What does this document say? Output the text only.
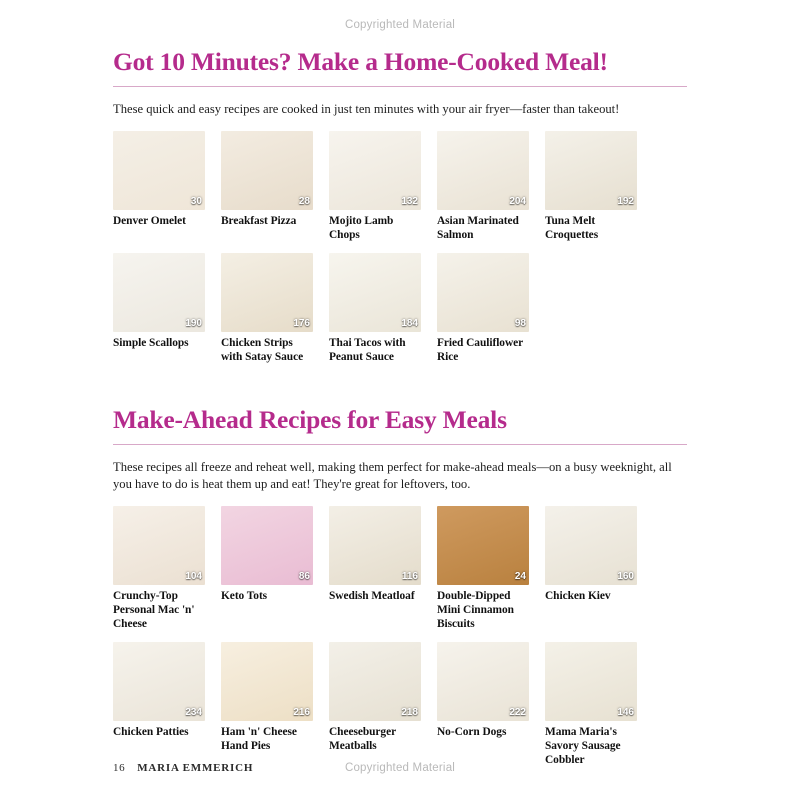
Copyrighted Material
Got 10 Minutes? Make a Home-Cooked Meal!

These quick and easy recipes are cooked in just ten minutes with your air fryer—faster than takeout!

30
Denver Omelet
28
Breakfast Pizza
132
Mojito Lamb Chops
204
Asian Marinated Salmon
192
Tuna Melt Croquettes
190
Simple Scallops
176
Chicken Strips with Satay Sauce
184
Thai Tacos with Peanut Sauce
98
Fried Cauliflower Rice
Make-Ahead Recipes for Easy Meals

These recipes all freeze and reheat well, making them perfect for make-ahead meals—on a busy weeknight, all you have to do is heat them up and eat! They're great for leftovers, too.

104
Crunchy-Top Personal Mac 'n' Cheese
86
Keto Tots
116
Swedish Meatloaf
24
Double-Dipped Mini Cinnamon Biscuits
160
Chicken Kiev
234
Chicken Patties
216
Ham 'n' Cheese Hand Pies
218
Cheeseburger Meatballs
222
No-Corn Dogs
146
Mama Maria's Savory Sausage Cobbler
16 MARIA EMMERICH	Copyrighted Material
